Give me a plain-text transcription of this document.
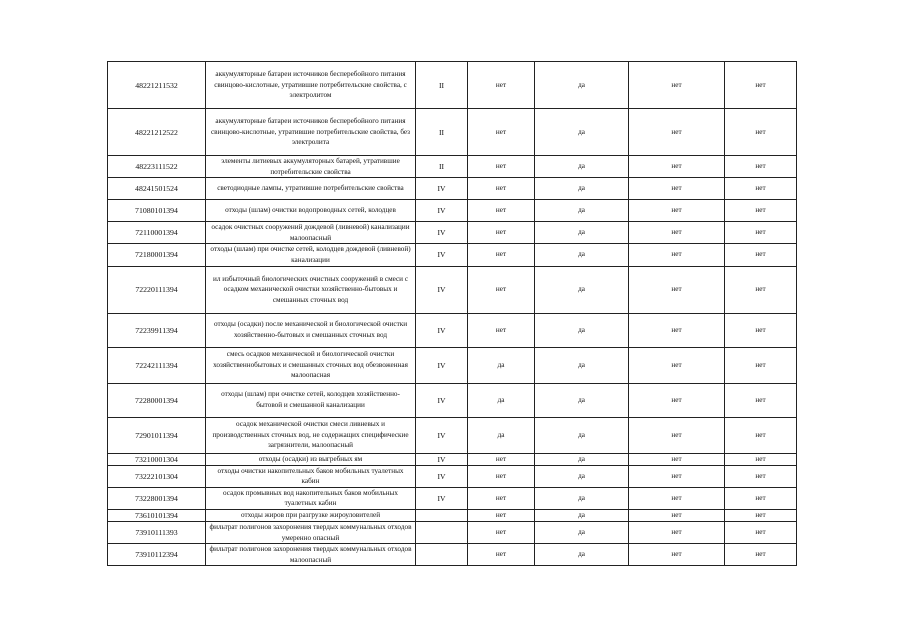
48221211532	аккумуляторные батареи источников бесперебойного питания свинцово-кислотные, утратившие потребительские свойства, с электролитом	II	нет	да	нет	нет
48221212522	аккумуляторные батареи источников бесперебойного питания свинцово-кислотные, утратившие потребительские свойства, без электролита	II	нет	да	нет	нет
48223111522	элементы литиевых аккумуляторных батарей, утратившие потребительские свойства	II	нет	да	нет	нет
48241501524	светодиодные лампы, утратившие потребительские свойства	IV	нет	да	нет	нет
71080101394	отходы (шлам) очистки водопроводных сетей, колодцев	IV	нет	да	нет	нет
72110001394	осадок очистных сооружений дождевой (ливневой) канализации малоопасный	IV	нет	да	нет	нет
72180001394	отходы (шлам) при очистке сетей, колодцев дождевой (ливневой) канализации	IV	нет	да	нет	нет
72220111394	ил избыточный биологических очистных сооружений в смеси с осадком механической очистки хозяйственно-бытовых и смешанных сточных вод	IV	нет	да	нет	нет
72239911394	отходы (осадки) после механической и биологической очистки хозяйственно-бытовых и смешанных сточных вод	IV	нет	да	нет	нет
72242111394	смесь осадков механической и биологической очистки хозяйственнобытовых и смешанных сточных вод обезвоженная малоопасная	IV	да	да	нет	нет
72280001394	отходы (шлам) при очистке сетей, колодцев хозяйственно-бытовой и смешанной канализации	IV	да	да	нет	нет
72901011394	осадок механической очистки смеси ливневых и производственных сточных вод, не содержащих специфические загрязнители, малоопасный	IV	да	да	нет	нет
73210001304	отходы (осадки) из выгребных ям	IV	нет	да	нет	нет
73222101304	отходы очистки накопительных баков мобильных туалетных кабин	IV	нет	да	нет	нет
73228001394	осадок промывных вод накопительных баков мобильных туалетных кабин	IV	нет	да	нет	нет
73610101394	отходы жиров при разгрузке жироуловителей		нет	да	нет	нет
73910111393	фильтрат полигонов захоронения твердых коммунальных отходов умеренно опасный		нет	да	нет	нет
73910112394	фильтрат полигонов захоронения твердых коммунальных отходов малоопасный		нет	да	нет	нет
